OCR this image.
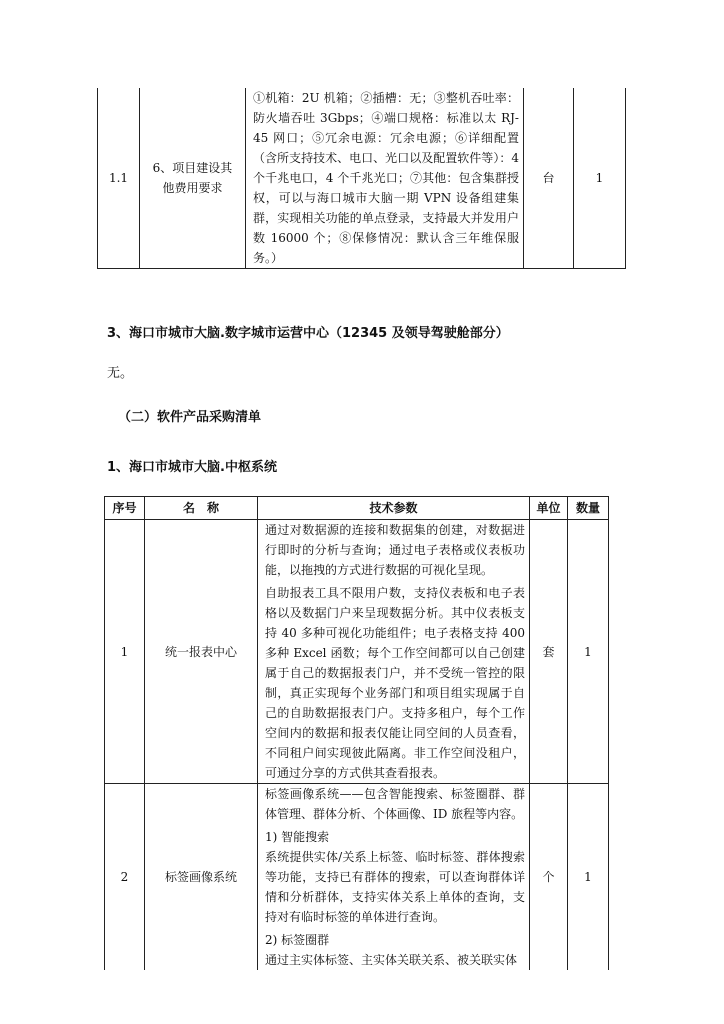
1.1	6、项目建设其他费用要求	①机箱：2U 机箱；②插槽：无；③整机吞吐率：防火墙吞吐 3Gbps；④端口规格：标准以太 RJ-45 网口；⑤冗余电源：冗余电源；⑥详细配置（含所支持技术、电口、光口以及配置软件等）：4 个千兆电口，4 个千兆光口；⑦其他：包含集群授权，可以与海口城市大脑一期 VPN 设备组建集群，实现相关功能的单点登录，支持最大并发用户数 16000 个；⑧保修情况：默认含三年维保服务。）	台	1

3、海口市城市大脑.数字城市运营中心（12345 及领导驾驶舱部分）

无。

（二）软件产品采购清单

1、海口市城市大脑.中枢系统

序号	名　称	技术参数	单位	数量
1	统一报表中心	通过对数据源的连接和数据集的创建，对数据进行即时的分析与查询；通过电子表格或仪表板功能，以拖拽的方式进行数据的可视化呈现。

自助报表工具不限用户数，支持仪表板和电子表格以及数据门户来呈现数据分析。其中仪表板支持 40 多种可视化功能组件；电子表格支持 400 多种 Excel 函数；每个工作空间都可以自己创建属于自己的数据报表门户，并不受统一管控的限制，真正实现每个业务部门和项目组实现属于自己的自助数据报表门户。支持多租户，每个工作空间内的数据和报表仅能让同空间的人员查看，不同租户间实现彼此隔离。非工作空间没租户，可通过分享的方式供其查看报表。	套	1
2	标签画像系统	标签画像系统——包含智能搜索、标签圈群、群体管理、群体分析、个体画像、ID 旅程等内容。

1) 智能搜索

系统提供实体/关系上标签、临时标签、群体搜索等功能，支持已有群体的搜索，可以查询群体详情和分析群体，支持实体关系上单体的查询，支持对有临时标签的单体进行查询。

2) 标签圈群

通过主实体标签、主实体关联关系、被关联实体	个	1
